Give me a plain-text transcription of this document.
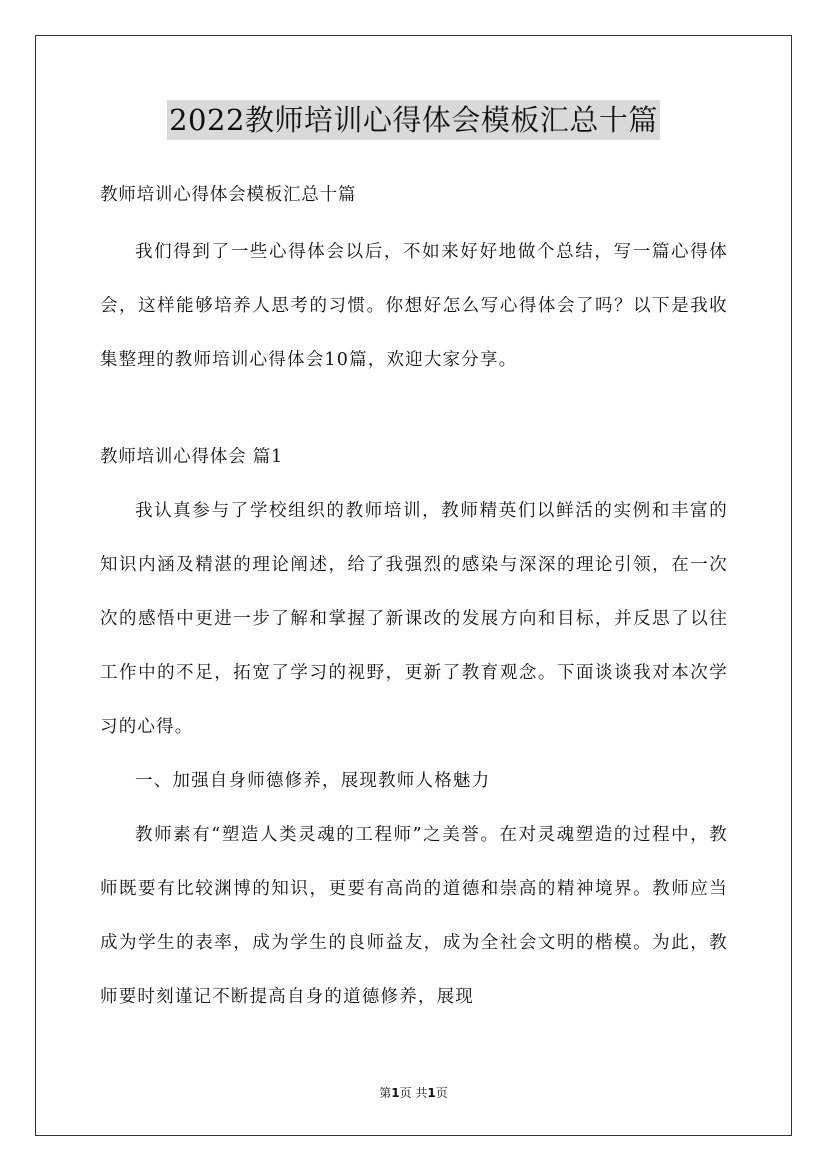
2022教师培训心得体会模板汇总十篇

教师培训心得体会模板汇总十篇

我们得到了一些心得体会以后，不如来好好地做个总结，写一篇心得体会，这样能够培养人思考的习惯。你想好怎么写心得体会了吗？以下是我收集整理的教师培训心得体会10篇，欢迎大家分享。

教师培训心得体会 篇1

我认真参与了学校组织的教师培训，教师精英们以鲜活的实例和丰富的知识内涵及精湛的理论阐述，给了我强烈的感染与深深的理论引领，在一次次的感悟中更进一步了解和掌握了新课改的发展方向和目标，并反思了以往工作中的不足，拓宽了学习的视野，更新了教育观念。下面谈谈我对本次学习的心得。

一、加强自身师德修养，展现教师人格魅力

教师素有“塑造人类灵魂的工程师”之美誉。在对灵魂塑造的过程中，教师既要有比较渊博的知识，更要有高尚的道德和崇高的精神境界。教师应当成为学生的表率，成为学生的良师益友，成为全社会文明的楷模。为此，教师要时刻谨记不断提高自身的道德修养，展现

第1页 共1页
